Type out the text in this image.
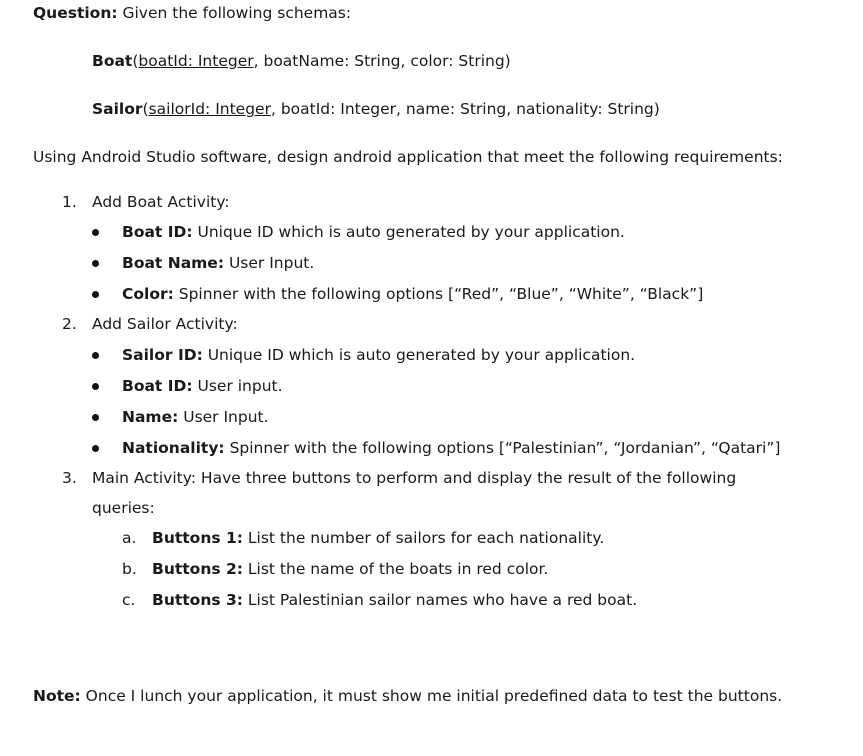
Question: Given the following schemas:
Boat(boatId: Integer, boatName: String, color: String)
Sailor(sailorId: Integer, boatId: Integer, name: String, nationality: String)
Using Android Studio software, design android application that meet the following requirements:
1. Add Boat Activity:
Boat ID: Unique ID which is auto generated by your application.
Boat Name: User Input.
Color: Spinner with the following options [“Red”, “Blue”, “White”, “Black”]
2. Add Sailor Activity:
Sailor ID: Unique ID which is auto generated by your application.
Boat ID: User input.
Name: User Input.
Nationality: Spinner with the following options [“Palestinian”, “Jordanian”, “Qatari”]
3. Main Activity: Have three buttons to perform and display the result of the following
queries:
a. Buttons 1: List the number of sailors for each nationality.
b. Buttons 2: List the name of the boats in red color.
c. Buttons 3: List Palestinian sailor names who have a red boat.
Note: Once I lunch your application, it must show me initial predefined data to test the buttons.
